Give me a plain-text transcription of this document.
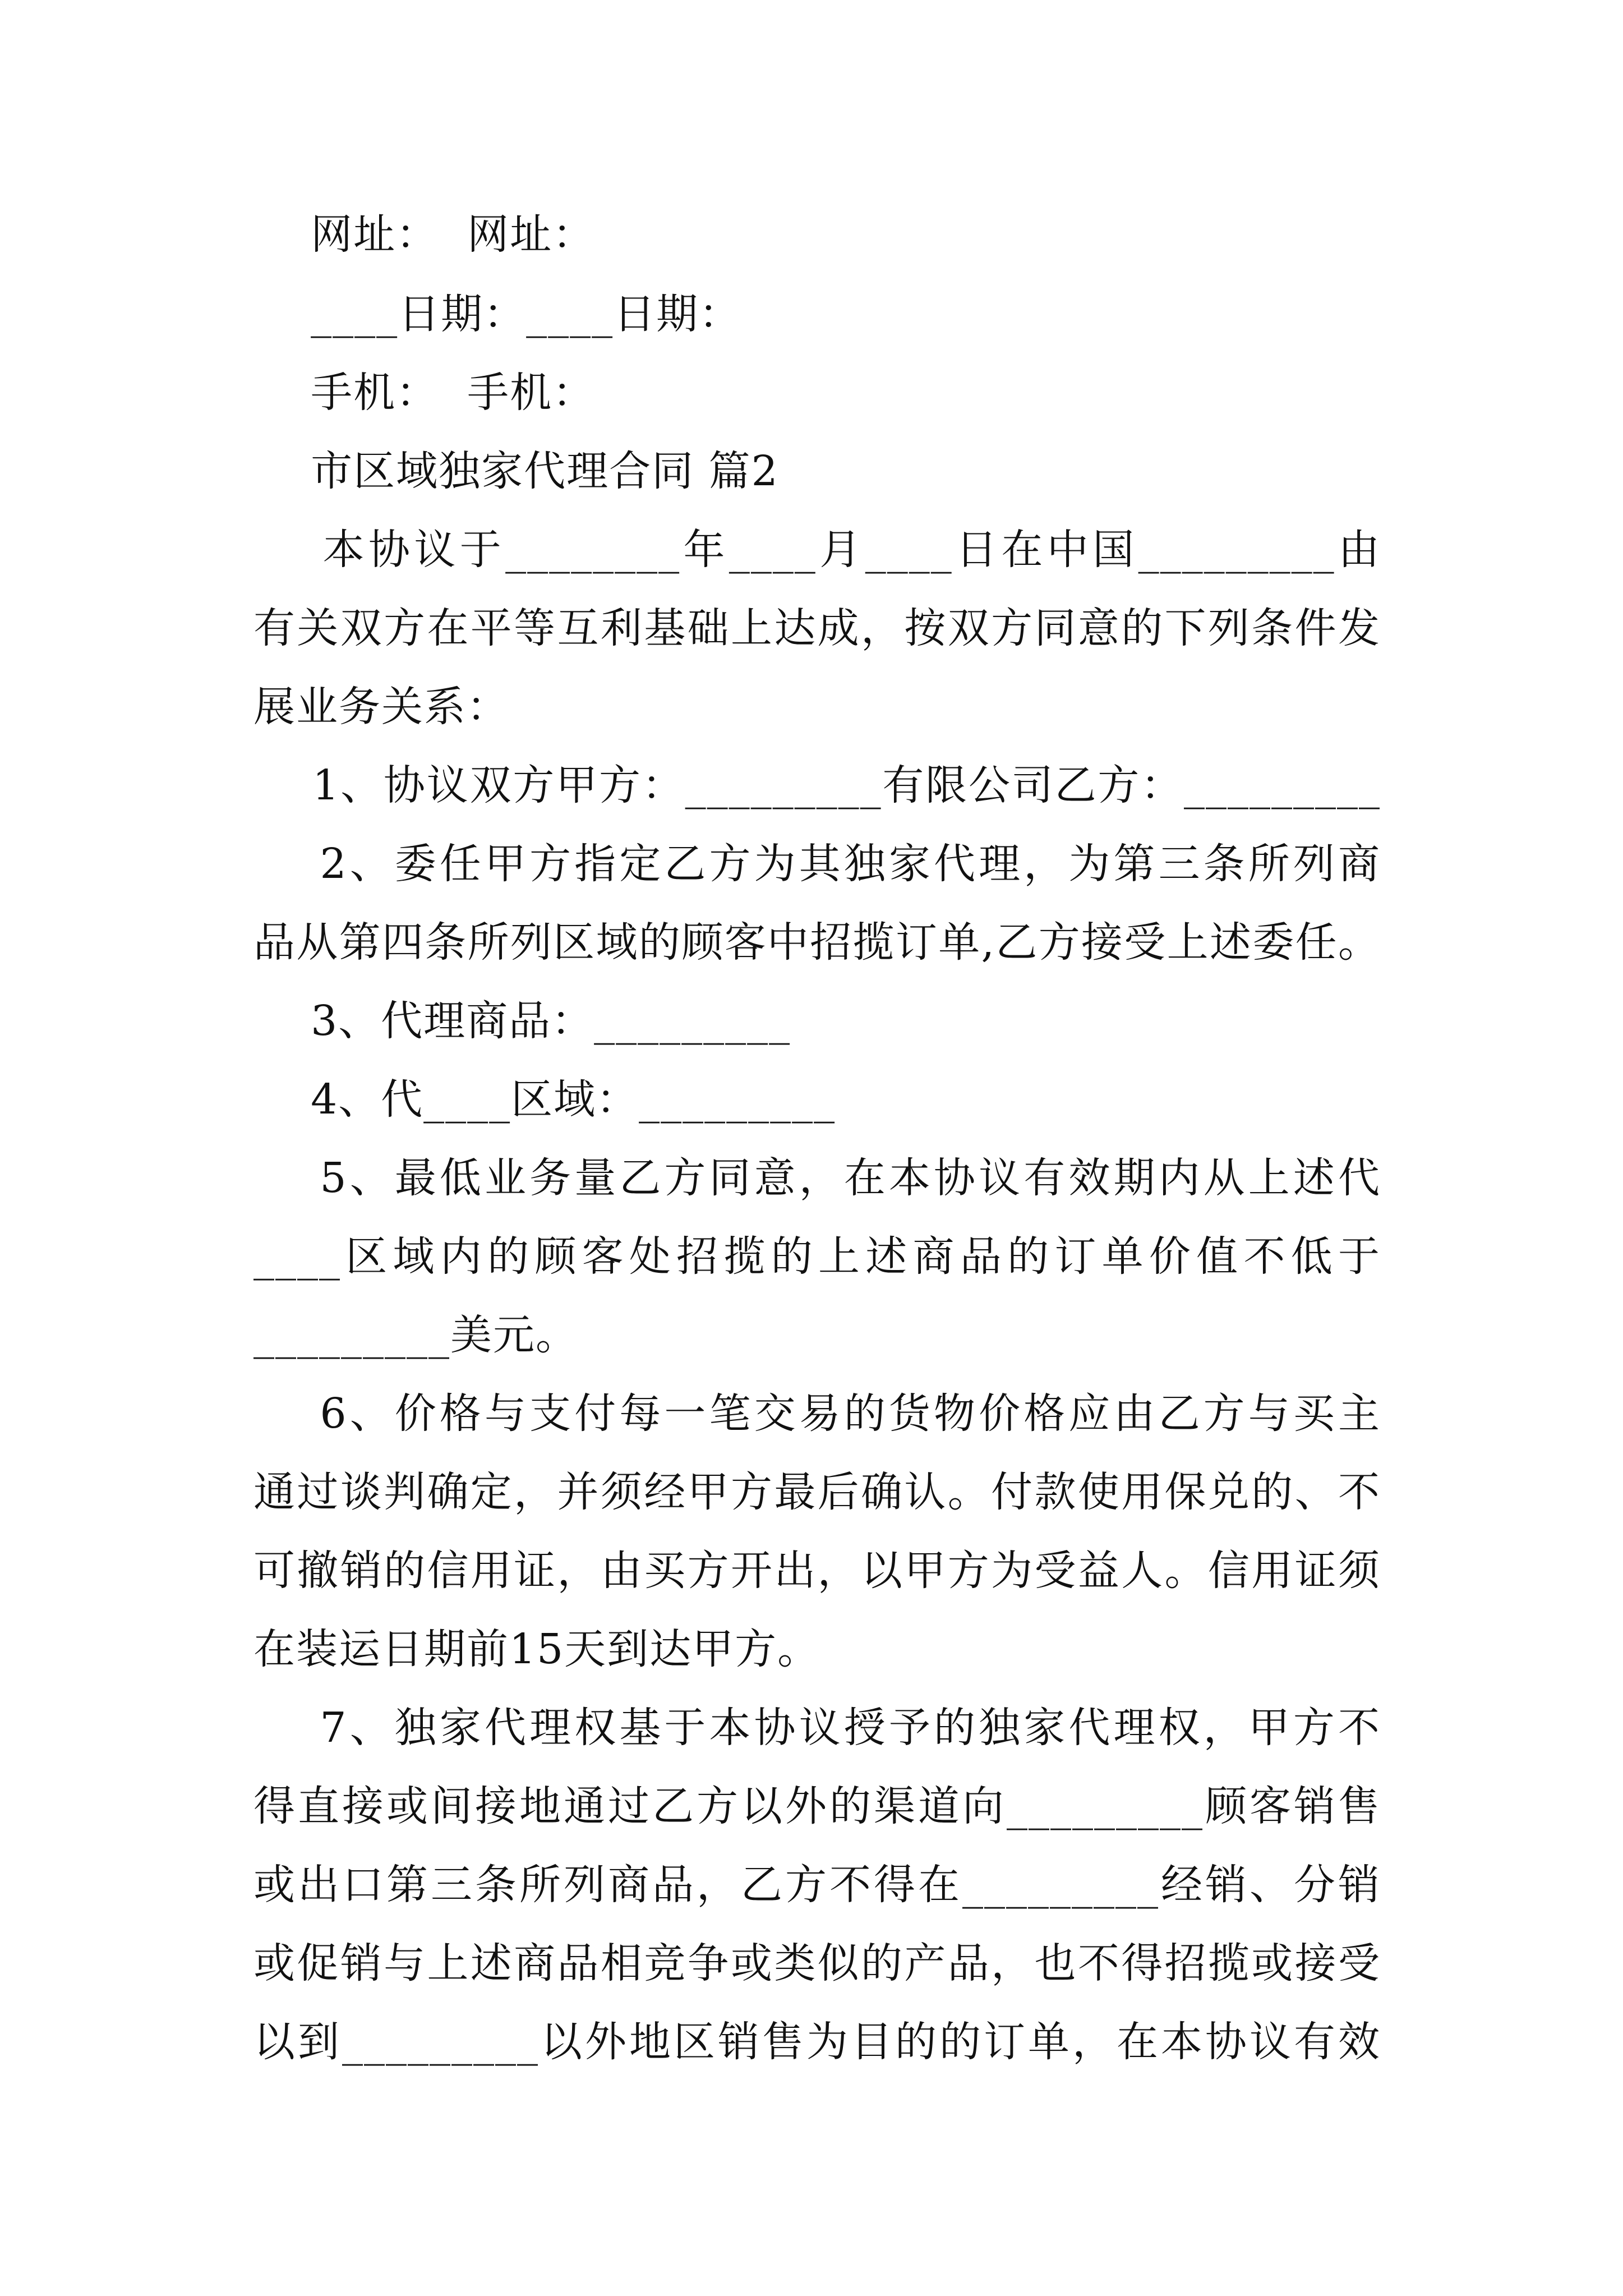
网址：  网址：
____日期：____日期：
手机：  手机：
市区域独家代理合同 篇2
本协议于________年____月____日在中国_________由
有关双方在平等互利基础上达成，按双方同意的下列条件发
展业务关系：
1、协议双方甲方：_________有限公司乙方：_________
2、委任甲方指定乙方为其独家代理，为第三条所列商
品从第四条所列区域的顾客中招揽订单,乙方接受上述委任。
3、代理商品：_________
4、代____区域：_________
5、最低业务量乙方同意，在本协议有效期内从上述代
____区域内的顾客处招揽的上述商品的订单价值不低于
_________美元。
6、价格与支付每一笔交易的货物价格应由乙方与买主
通过谈判确定，并须经甲方最后确认。付款使用保兑的、不
可撤销的信用证，由买方开出，以甲方为受益人。信用证须
在装运日期前15天到达甲方。
7、独家代理权基于本协议授予的独家代理权，甲方不
得直接或间接地通过乙方以外的渠道向_________顾客销售
或出口第三条所列商品，乙方不得在_________经销、分销
或促销与上述商品相竞争或类似的产品，也不得招揽或接受
以到_________以外地区销售为目的的订单，在本协议有效
